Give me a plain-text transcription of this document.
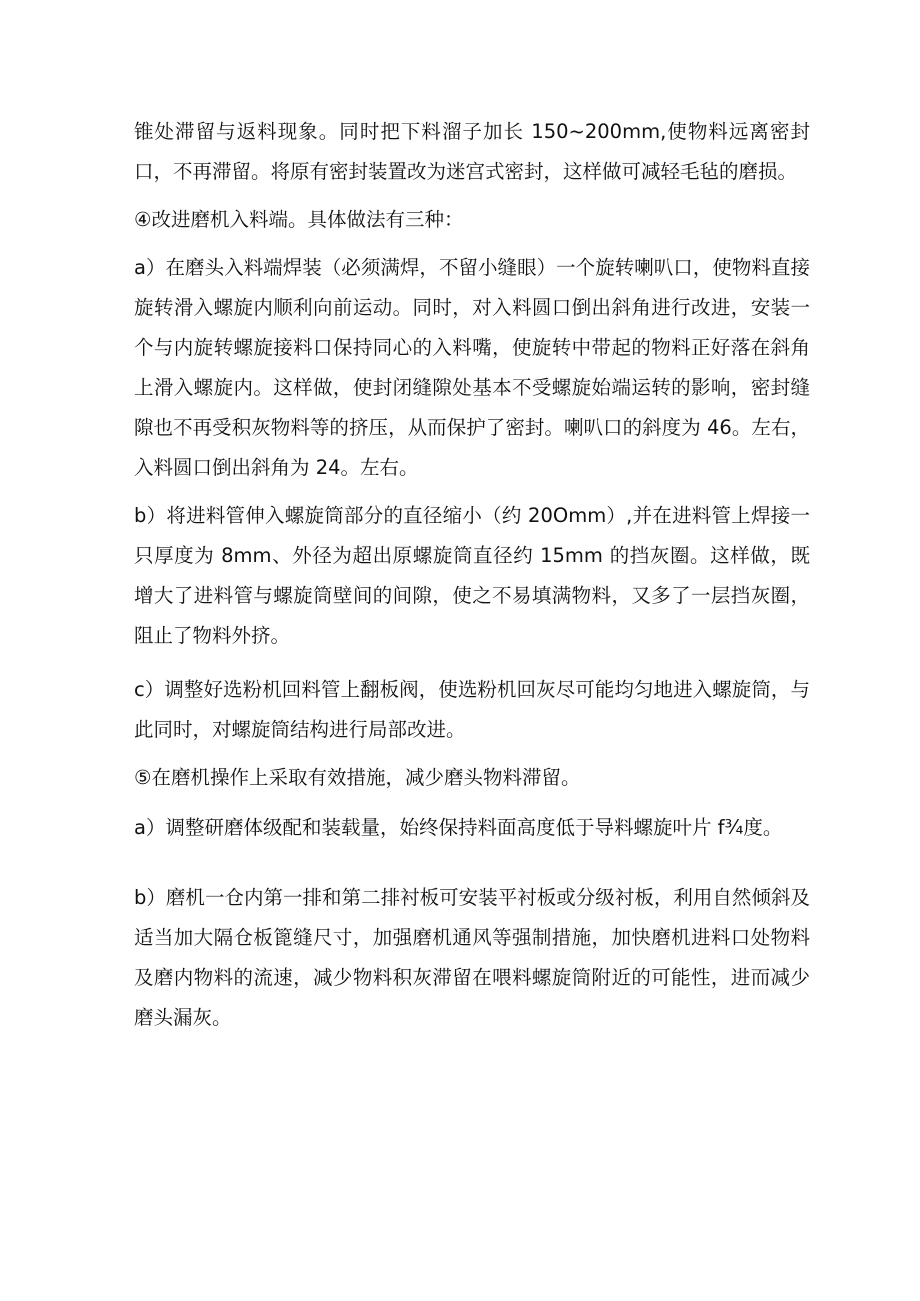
锥处滞留与返料现象。同时把下料溜子加长 150~200mm,使物料远离密封口，不再滞留。将原有密封装置改为迷宫式密封，这样做可减轻毛毡的磨损。

④改进磨机入料端。具体做法有三种：

a）在磨头入料端焊装（必须满焊，不留小缝眼）一个旋转喇叭口，使物料直接旋转滑入螺旋内顺利向前运动。同时，对入料圆口倒出斜角进行改进，安装一个与内旋转螺旋接料口保持同心的入料嘴，使旋转中带起的物料正好落在斜角上滑入螺旋内。这样做，使封闭缝隙处基本不受螺旋始端运转的影响，密封缝隙也不再受积灰物料等的挤压，从而保护了密封。喇叭口的斜度为 46。左右，入料圆口倒出斜角为 24。左右。

b）将进料管伸入螺旋筒部分的直径缩小（约 20Omm）,并在进料管上焊接一只厚度为 8mm、外径为超出原螺旋筒直径约 15mm 的挡灰圈。这样做，既增大了进料管与螺旋筒壁间的间隙，使之不易填满物料，又多了一层挡灰圈，阻止了物料外挤。

c）调整好选粉机回料管上翻板阀，使选粉机回灰尽可能均匀地进入螺旋筒，与此同时，对螺旋筒结构进行局部改进。

⑤在磨机操作上采取有效措施，减少磨头物料滞留。

a）调整研磨体级配和装载量，始终保持料面高度低于导料螺旋叶片 f¾度。

b）磨机一仓内第一排和第二排衬板可安装平衬板或分级衬板，利用自然倾斜及适当加大隔仓板篦缝尺寸，加强磨机通风等强制措施，加快磨机进料口处物料及磨内物料的流速，减少物料积灰滞留在喂料螺旋筒附近的可能性，进而减少磨头漏灰。
